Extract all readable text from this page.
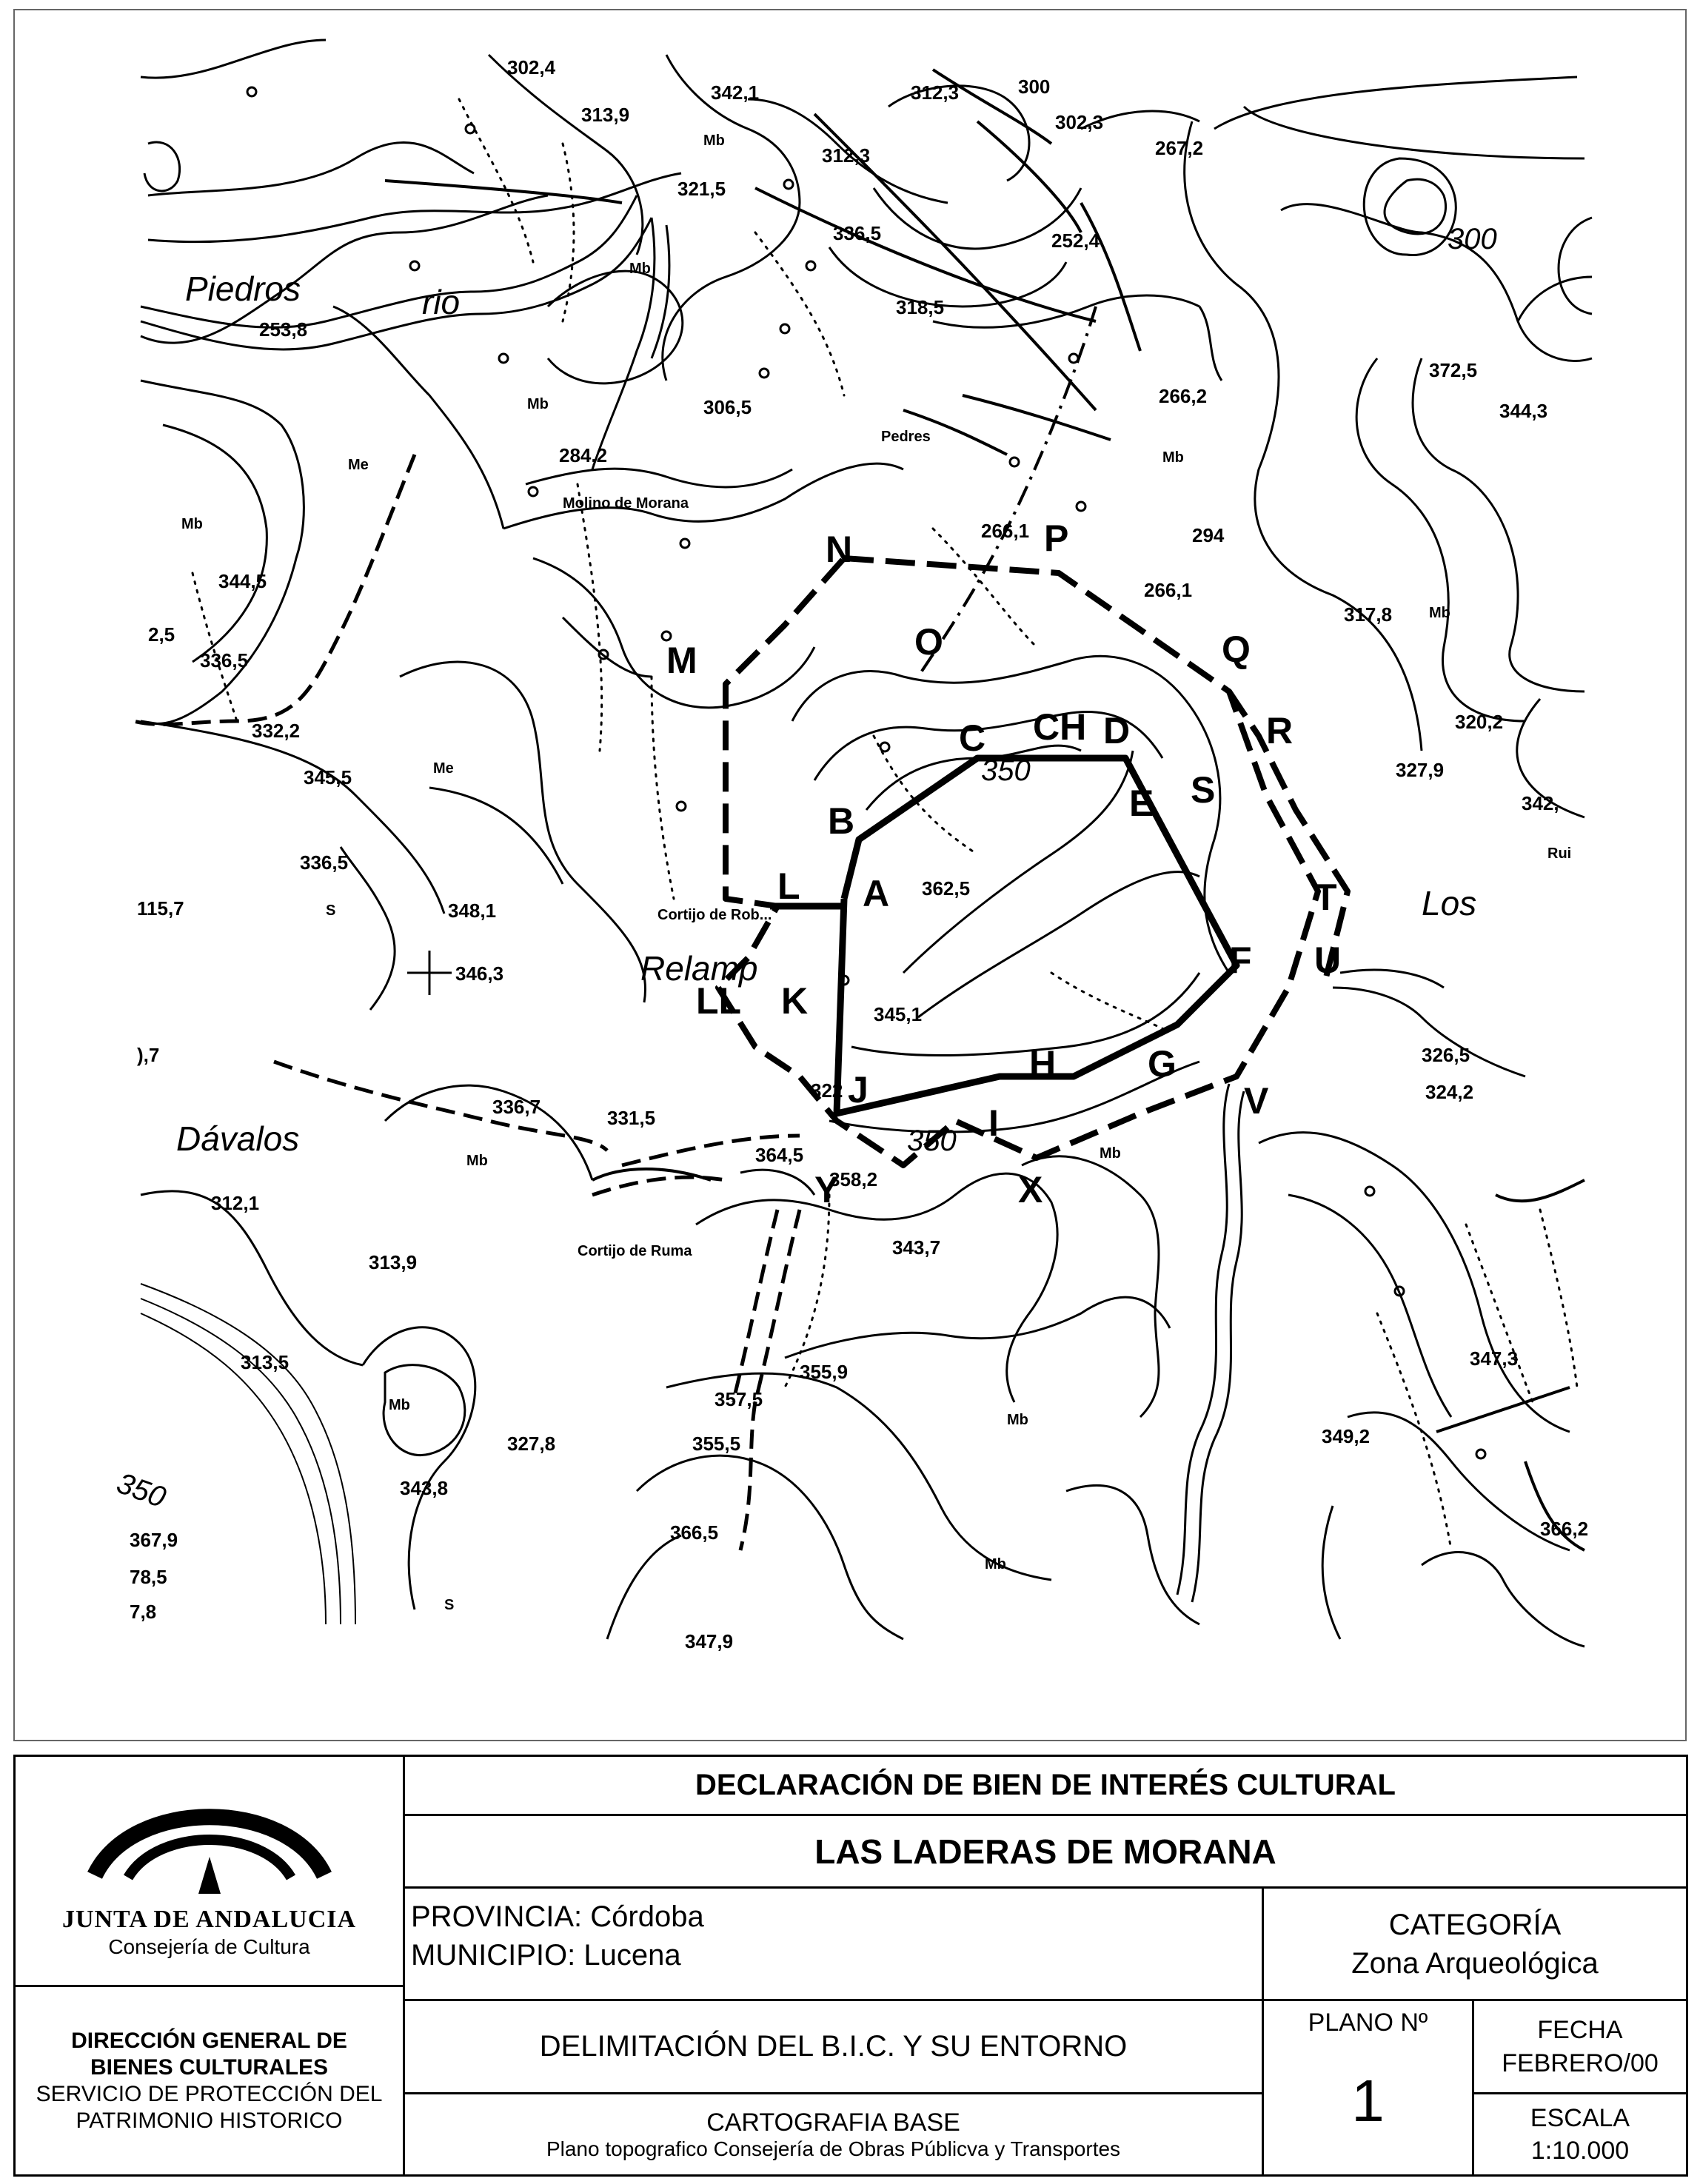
Piedros	rio
Dávalos
Los
Relamp
300
350
350
350
A
B
C CH D
E
F
G
H
I
J
K
L
LL
M
N
O
P
Q
R
S
T
U
V
X
Y
302,4
342,1
313,9
312,3	300
302,3
267,2
321,5
312,3
336,5	252,4
253,8
318,5
306,5
284,2
266,2
372,5
344,3
266,1	294
266,1
317,8
344,5
2,5
336,5
332,2	320,2
327,9
342,
345,5
336,5
348,1
346,3
362,5
345,1
115,7
326,5
324,2
),7
336,7	331,5
322
364,5
358,2
343,7
312,1
313,9
313,5	355,9
357,5
355,5
327,8
343,8
347,3
349,2
366,5	366,2
367,9
78,5
7,8
347,9
Mb
Mb
Mb
Mb
Mb
Mb
Mb	Mb
Mb
Mb
Mb
Me
Me
Molino de Morana
Cortijo de Rob...
Cortijo de Ruma
Pedres
Rui
S
S
JUNTA DE ANDALUCIA
Consejería de Cultura
DIRECCIÓN GENERAL DE
BIENES CULTURALES
SERVICIO DE PROTECCIÓN DEL
PATRIMONIO HISTORICO
DECLARACIÓN DE BIEN DE INTERÉS CULTURAL
LAS LADERAS DE MORANA
PROVINCIA: Córdoba
MUNICIPIO: Lucena
CATEGORÍA
Zona Arqueológica
DELIMITACIÓN DEL B.I.C. Y SU ENTORNO
CARTOGRAFIA BASE
Plano topografico Consejería de Obras Públicva y Transportes
PLANO Nº
1
FECHA
FEBRERO/00
ESCALA
1:10.000
